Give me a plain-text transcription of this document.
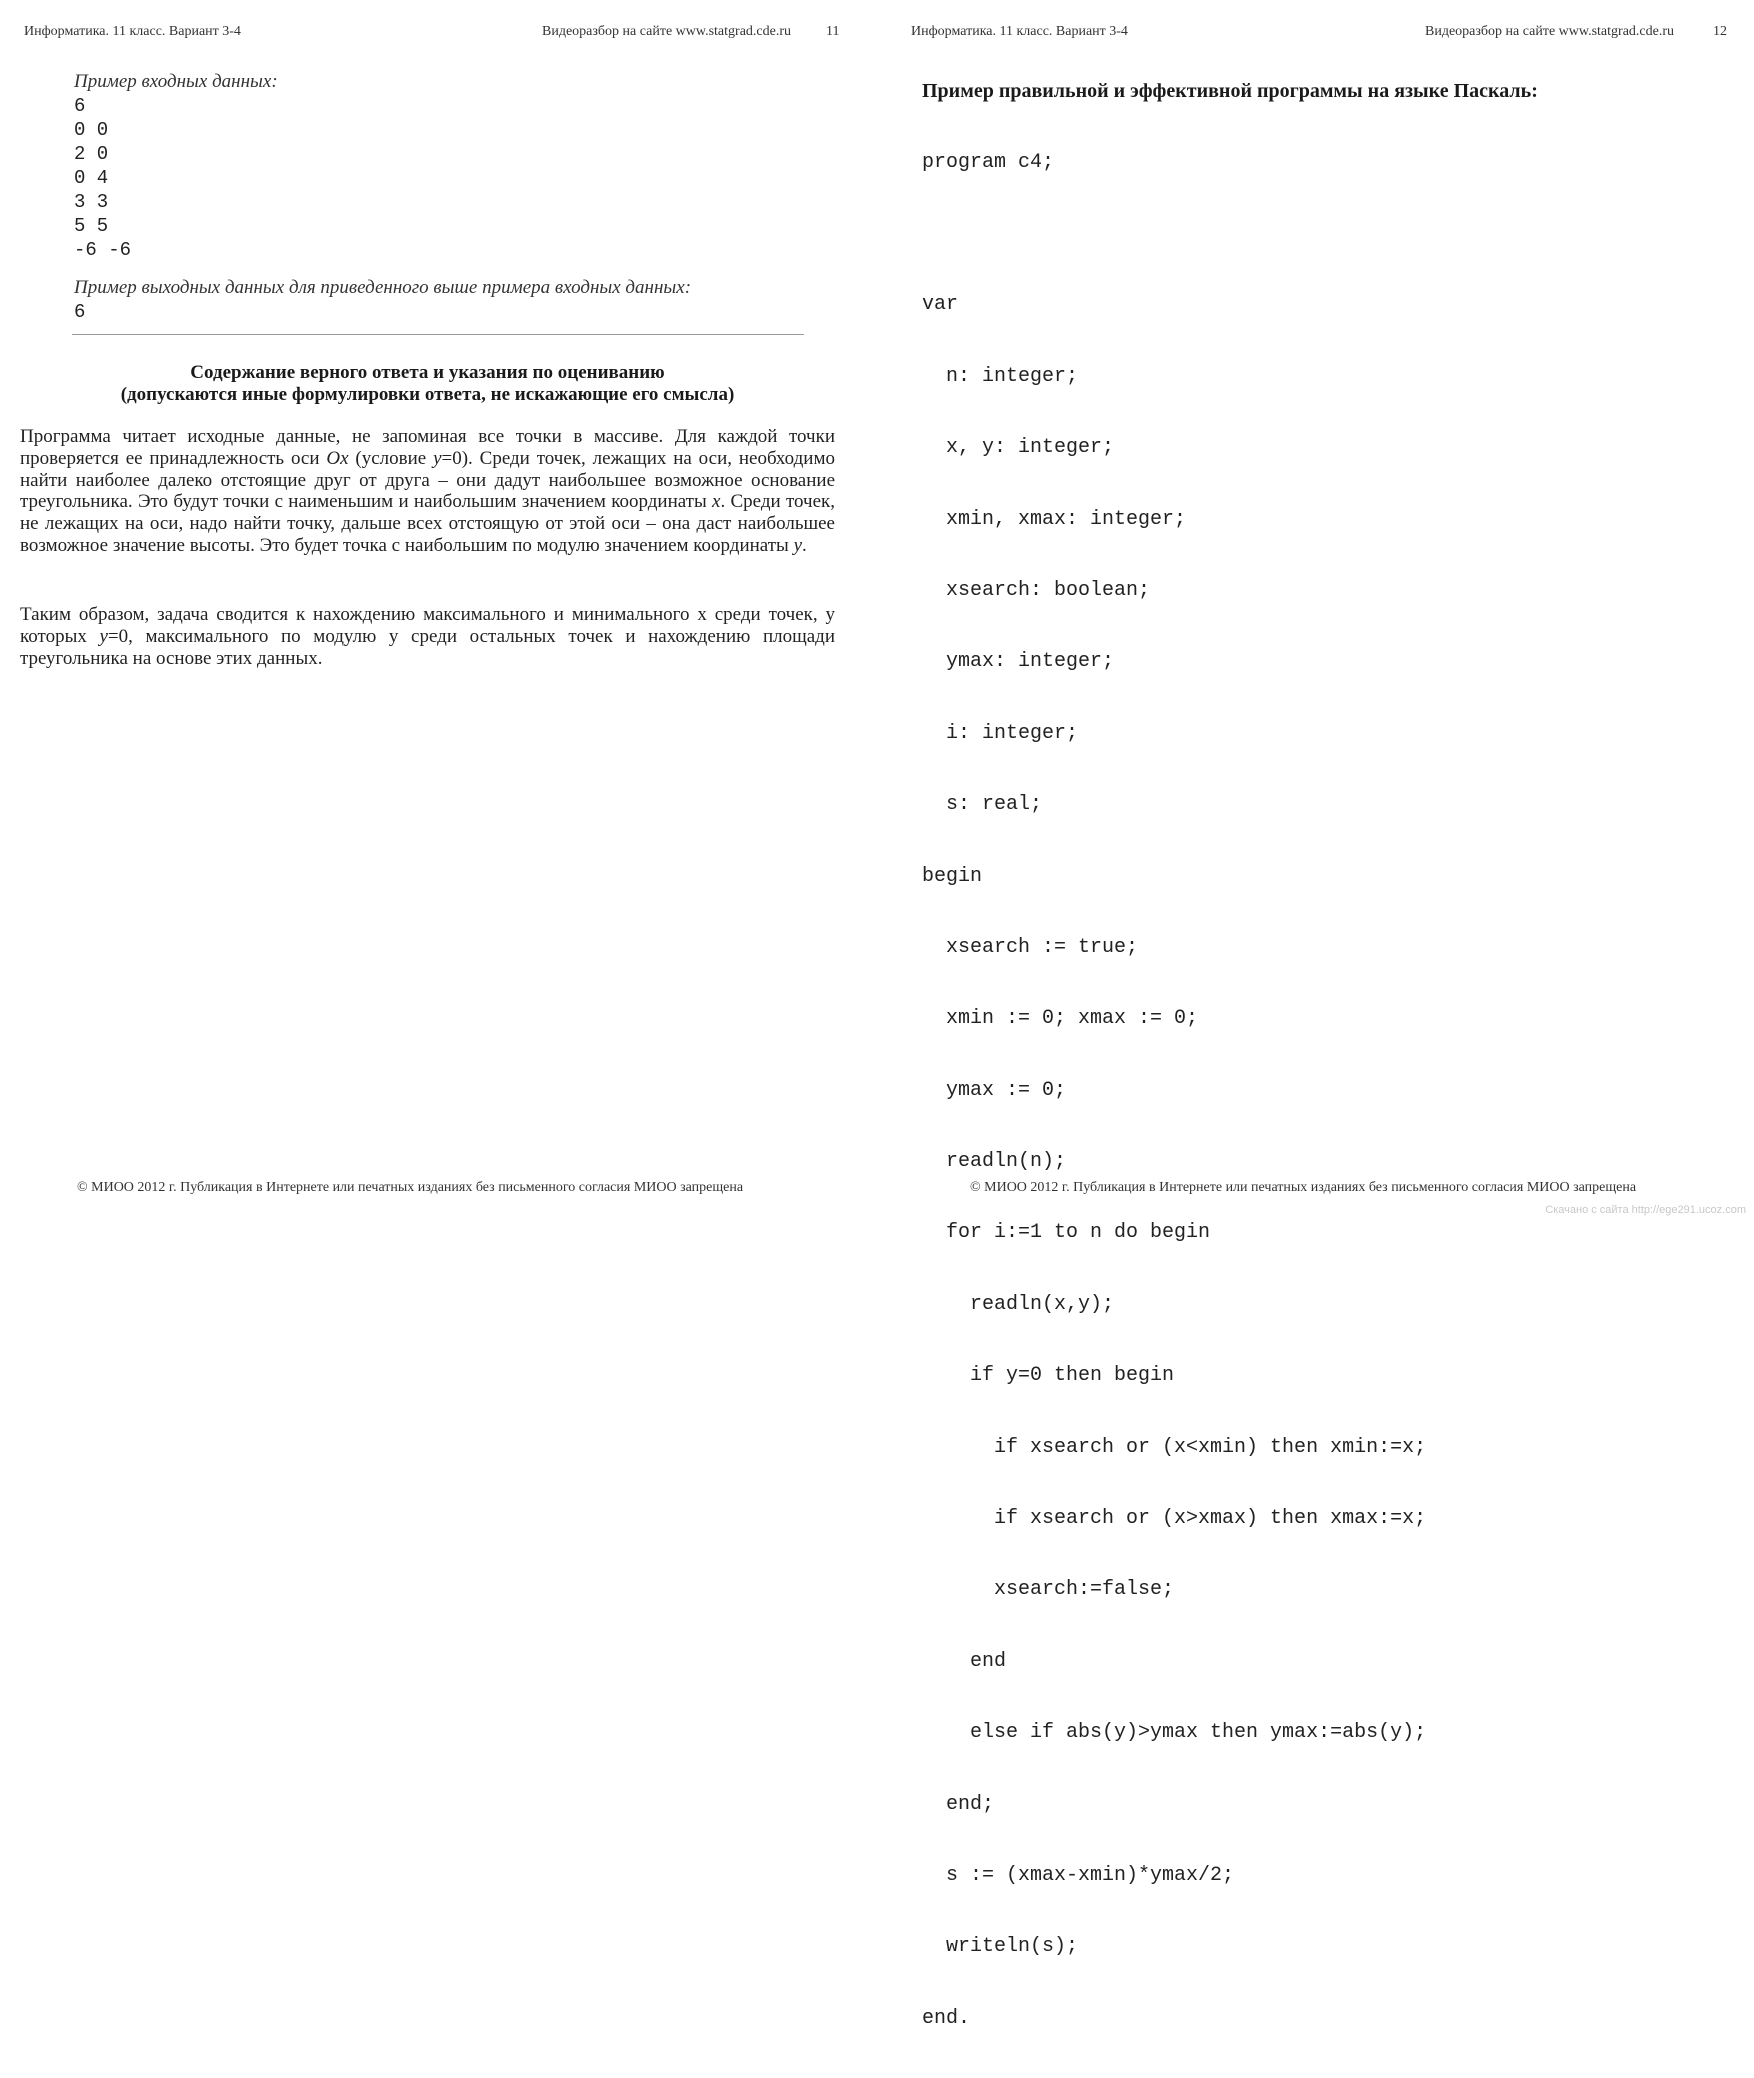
Информатика. 11 класс. Вариант 3-4	Видеоразбор на сайте www.statgrad.cde.ru	11
Пример входных данных:
6
0 0
2 0
0 4
3 3
5 5
-6 -6
Пример выходных данных для приведенного выше примера входных данных:
6
Содержание верного ответа и указания по оцениванию
(допускаются иные формулировки ответа, не искажающие его смысла)
Программа читает исходные данные, не запоминая все точки в массиве. Для каждой точки проверяется ее принадлежность оси Ox (условие y=0). Среди точек, лежащих на оси, необходимо найти наиболее далеко отстоящие друг от друга – они дадут наибольшее возможное основание треугольника. Это будут точки с наименьшим и наибольшим значением координаты x. Среди точек, не лежащих на оси, надо найти точку, дальше всех отстоящую от этой оси – она даст наибольшее возможное значение высоты. Это будет точка с наибольшим по модулю значением координаты y.
Таким образом, задача сводится к нахождению максимального и минимального x среди точек, у которых y=0, максимального по модулю y среди остальных точек и нахождению площади треугольника на основе этих данных.
© МИОО 2012 г. Публикация в Интернете или печатных изданиях без письменного согласия МИОО запрещена
Информатика. 11 класс. Вариант 3-4	Видеоразбор на сайте www.statgrad.cde.ru	12
Пример правильной и эффективной программы на языке Паскаль:

program c4;

var

n: integer;

x, y: integer;

xmin, xmax: integer;

xsearch: boolean;

ymax: integer;

i: integer;

s: real;

begin

xsearch := true;

xmin := 0; xmax := 0;

ymax := 0;

readln(n);

for i:=1 to n do begin

readln(x,y);

if y=0 then begin

if xsearch or (x<xmin) then xmin:=x;

if xsearch or (x>xmax) then xmax:=x;

xsearch:=false;

end

else if abs(y)>ymax then ymax:=abs(y);

end;

s := (xmax-xmin)*ymax/2;

writeln(s);

end.

© МИОО 2012 г. Публикация в Интернете или печатных изданиях без письменного согласия МИОО запрещена
Скачано с сайта http://ege291.ucoz.com
